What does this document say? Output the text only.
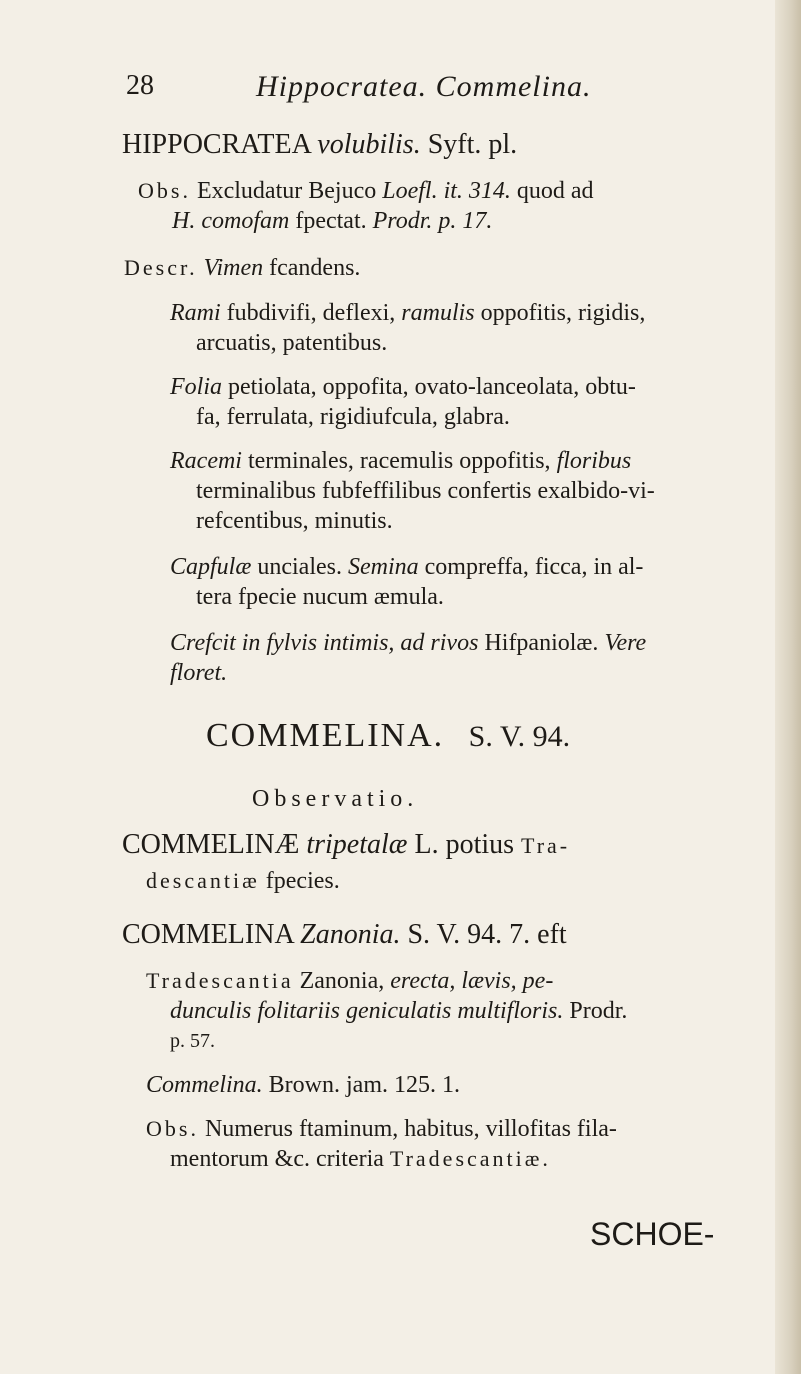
28	Hippocratea. Commelina.
HIPPOCRATEA volubilis. Syft. pl.
Obs. Excludatur Bejuco Loefl. it. 314. quod ad
H. comofam fpectat. Prodr. p. 17.
Descr. Vimen fcandens.
Rami fubdivifi, deflexi, ramulis oppofitis, rigidis,
arcuatis, patentibus.
Folia petiolata, oppofita, ovato-lanceolata, obtu-
fa, ferrulata, rigidiufcula, glabra.
Racemi terminales, racemulis oppofitis, floribus
terminalibus fubfeffilibus confertis exalbido-vi-
refcentibus, minutis.
Capfulæ unciales. Semina compreffa, ficca, in al-
tera fpecie nucum æmula.
Crefcit in fylvis intimis, ad rivos Hifpaniolæ. Vere
floret.
COMMELINA. S. V. 94.
Observatio.
COMMELINÆ tripetalæ L. potius Tra-
descantiæ fpecies.
COMMELINA Zanonia. S. V. 94. 7. eft
Tradescantia Zanonia, erecta, lævis, pe-
dunculis folitariis geniculatis multifloris. Prodr.
p. 57.
Commelina. Brown. jam. 125. 1.
Obs. Numerus ftaminum, habitus, villofitas fila-
mentorum &c. criteria Tradescantiæ.
SCHOE-
